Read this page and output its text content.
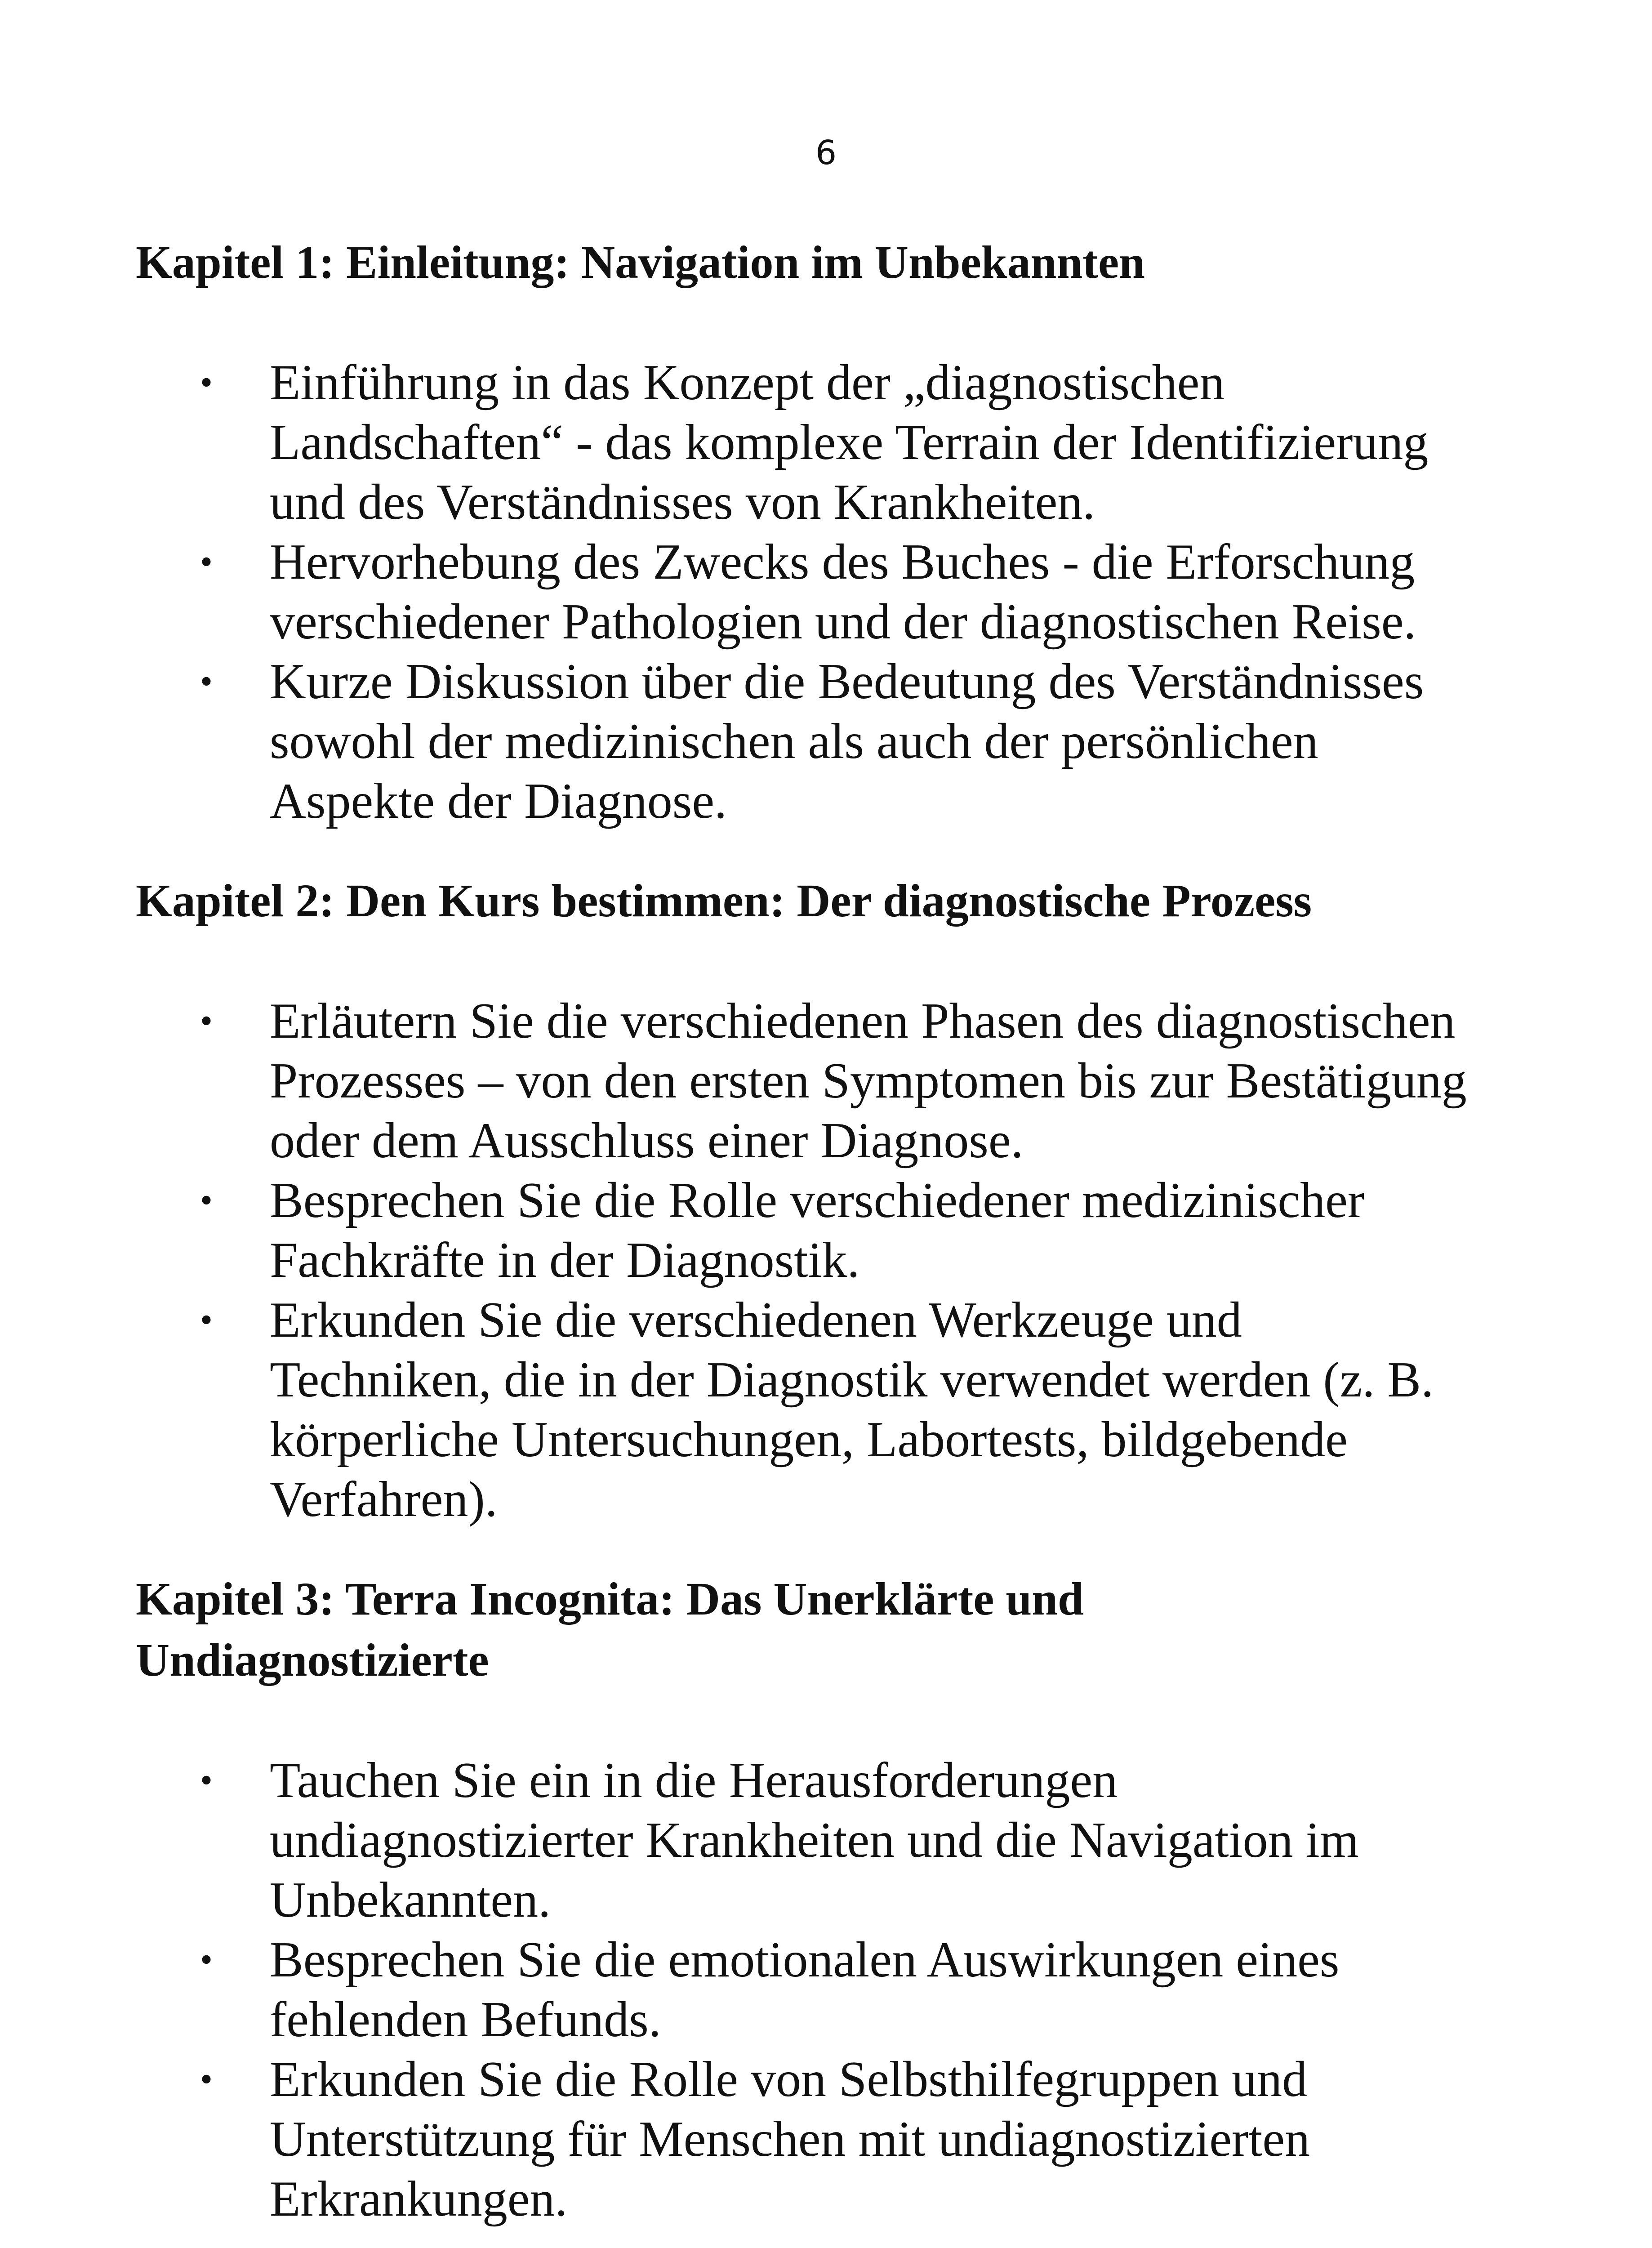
6
Kapitel 1: Einleitung: Navigation im Unbekannten
• Einführung in das Konzept der „diagnostischen
Landschaften“ - das komplexe Terrain der Identifizierung
und des Verständnisses von Krankheiten.
• Hervorhebung des Zwecks des Buches - die Erforschung
verschiedener Pathologien und der diagnostischen Reise.
• Kurze Diskussion über die Bedeutung des Verständnisses
sowohl der medizinischen als auch der persönlichen
Aspekte der Diagnose.
Kapitel 2: Den Kurs bestimmen: Der diagnostische Prozess
• Erläutern Sie die verschiedenen Phasen des diagnostischen
Prozesses – von den ersten Symptomen bis zur Bestätigung
oder dem Ausschluss einer Diagnose.
• Besprechen Sie die Rolle verschiedener medizinischer
Fachkräfte in der Diagnostik.
• Erkunden Sie die verschiedenen Werkzeuge und
Techniken, die in der Diagnostik verwendet werden (z. B.
körperliche Untersuchungen, Labortests, bildgebende
Verfahren).
Kapitel 3: Terra Incognita: Das Unerklärte und
Undiagnostizierte
• Tauchen Sie ein in die Herausforderungen
undiagnostizierter Krankheiten und die Navigation im
Unbekannten.
• Besprechen Sie die emotionalen Auswirkungen eines
fehlenden Befunds.
• Erkunden Sie die Rolle von Selbsthilfegruppen und
Unterstützung für Menschen mit undiagnostizierten
Erkrankungen.
